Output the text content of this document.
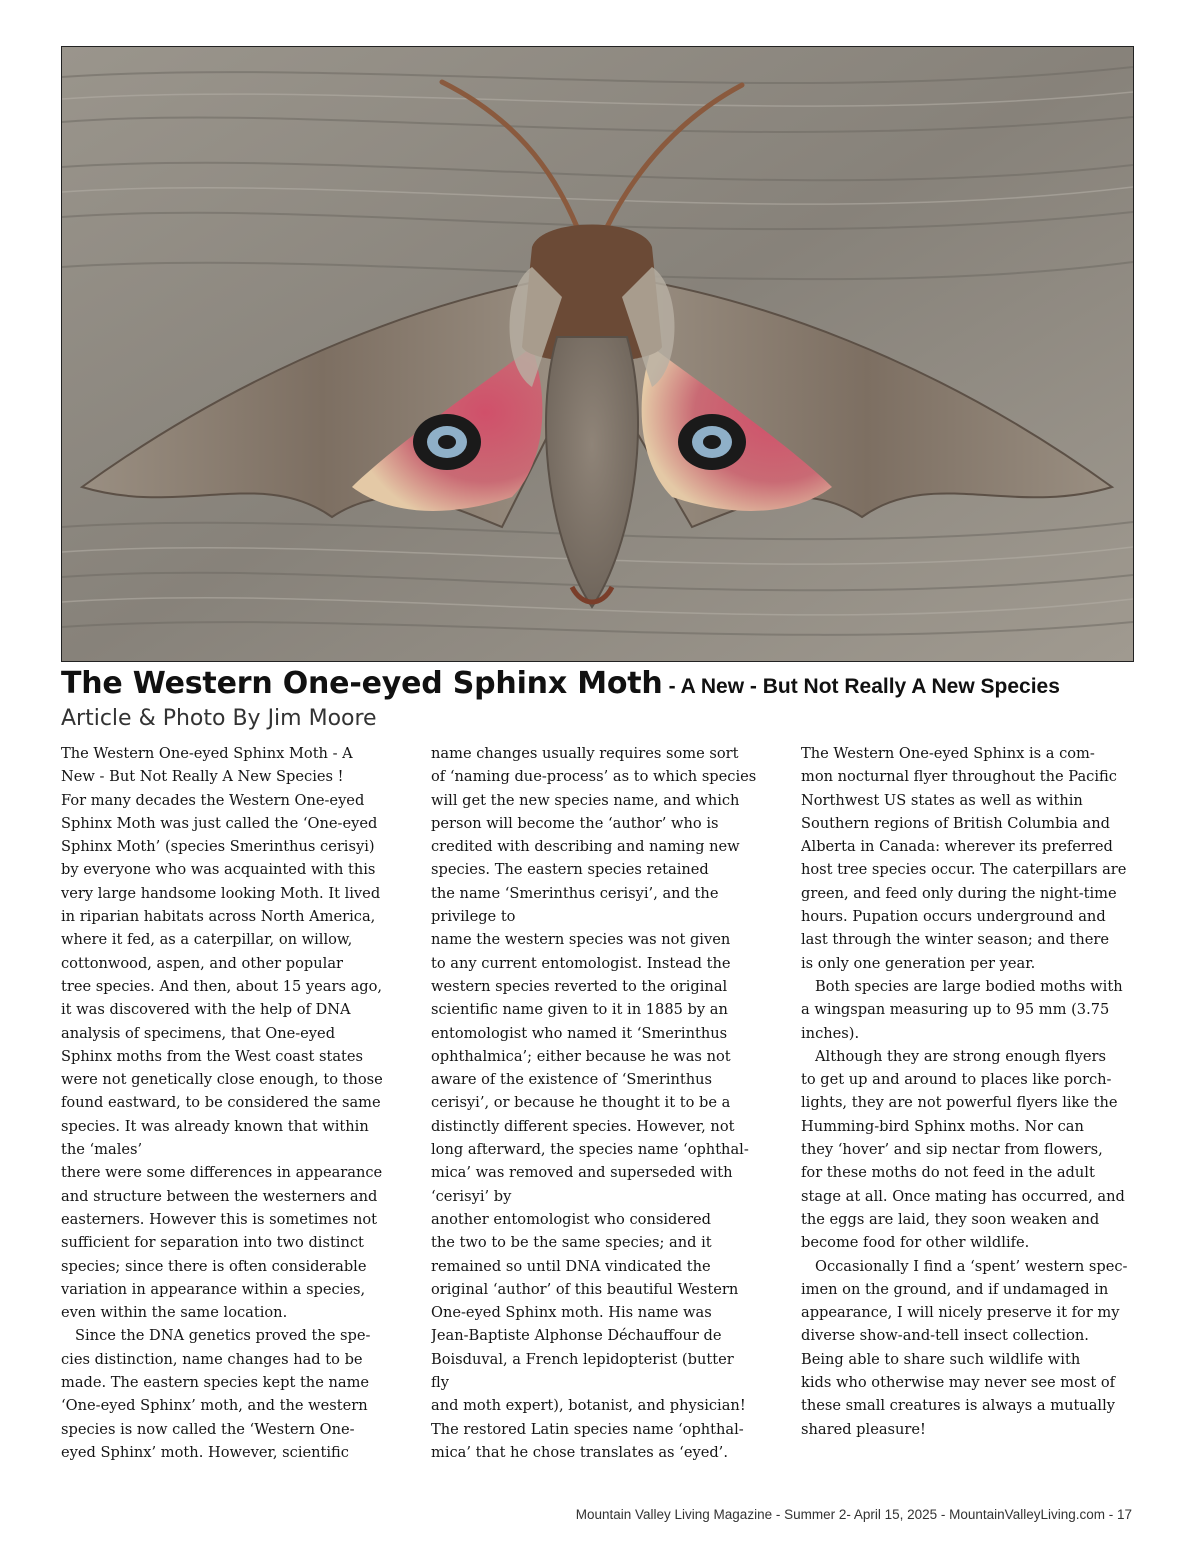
The Western One-eyed Sphinx Moth - A New - But Not Really A New Species
Article & Photo By Jim Moore

The Western One-eyed Sphinx Moth - A
New - But Not Really A New Species !
For many decades the Western One-eyed
Sphinx Moth was just called the ‘One-eyed
Sphinx Moth’ (species Smerinthus cerisyi)
by everyone who was acquainted with this
very large handsome looking Moth. It lived
in riparian habitats across North America,
where it fed, as a caterpillar, on willow,
cottonwood, aspen, and other popular
tree species. And then, about 15 years ago,
it was discovered with the help of DNA
analysis of specimens, that One-eyed
Sphinx moths from the West coast states
were not genetically close enough, to those
found eastward, to be considered the same
species. It was already known that within
the ‘males’
there were some differences in appearance
and structure between the westerners and
easterners. However this is sometimes not
sufficient for separation into two distinct
species; since there is often considerable
variation in appearance within a species,
even within the same location.

Since the DNA genetics proved the spe-
cies distinction, name changes had to be
made. The eastern species kept the name
‘One-eyed Sphinx’ moth, and the western
species is now called the ‘Western One-
eyed Sphinx’ moth. However, scientific

name changes usually requires some sort
of ‘naming due-process’ as to which species
will get the new species name, and which
person will become the ‘author’ who is
credited with describing and naming new
species. The eastern species retained
the name ‘Smerinthus cerisyi’, and the
privilege to
name the western species was not given
to any current entomologist. Instead the
western species reverted to the original
scientific name given to it in 1885 by an
entomologist who named it ‘Smerinthus
ophthalmica’; either because he was not
aware of the existence of ‘Smerinthus
cerisyi’, or because he thought it to be a
distinctly different species. However, not
long afterward, the species name ‘ophthal-
mica’ was removed and superseded with
‘cerisyi’ by
another entomologist who considered
the two to be the same species; and it
remained so until DNA vindicated the
original ‘author’ of this beautiful Western
One-eyed Sphinx moth. His name was
Jean-Baptiste Alphonse Déchauffour de
Boisduval, a French lepidopterist (butter
fly
and moth expert), botanist, and physician!
The restored Latin species name ‘ophthal-
mica’ that he chose translates as ‘eyed’.

The Western One-eyed Sphinx is a com-
mon nocturnal flyer throughout the Pacific
Northwest US states as well as within
Southern regions of British Columbia and
Alberta in Canada: wherever its preferred
host tree species occur. The caterpillars are
green, and feed only during the night-time
hours. Pupation occurs underground and
last through the winter season; and there
is only one generation per year.

Both species are large bodied moths with
a wingspan measuring up to 95 mm (3.75
inches).

Although they are strong enough flyers
to get up and around to places like porch-
lights, they are not powerful flyers like the
Humming-bird Sphinx moths. Nor can
they ‘hover’ and sip nectar from flowers,
for these moths do not feed in the adult
stage at all. Once mating has occurred, and
the eggs are laid, they soon weaken and
become food for other wildlife.

Occasionally I find a ‘spent’ western spec-
imen on the ground, and if undamaged in
appearance, I will nicely preserve it for my
diverse show-and-tell insect collection.
Being able to share such wildlife with
kids who otherwise may never see most of
these small creatures is always a mutually
shared pleasure!

Mountain Valley Living Magazine - Summer 2- April 15, 2025 - MountainValleyLiving.com - 17
